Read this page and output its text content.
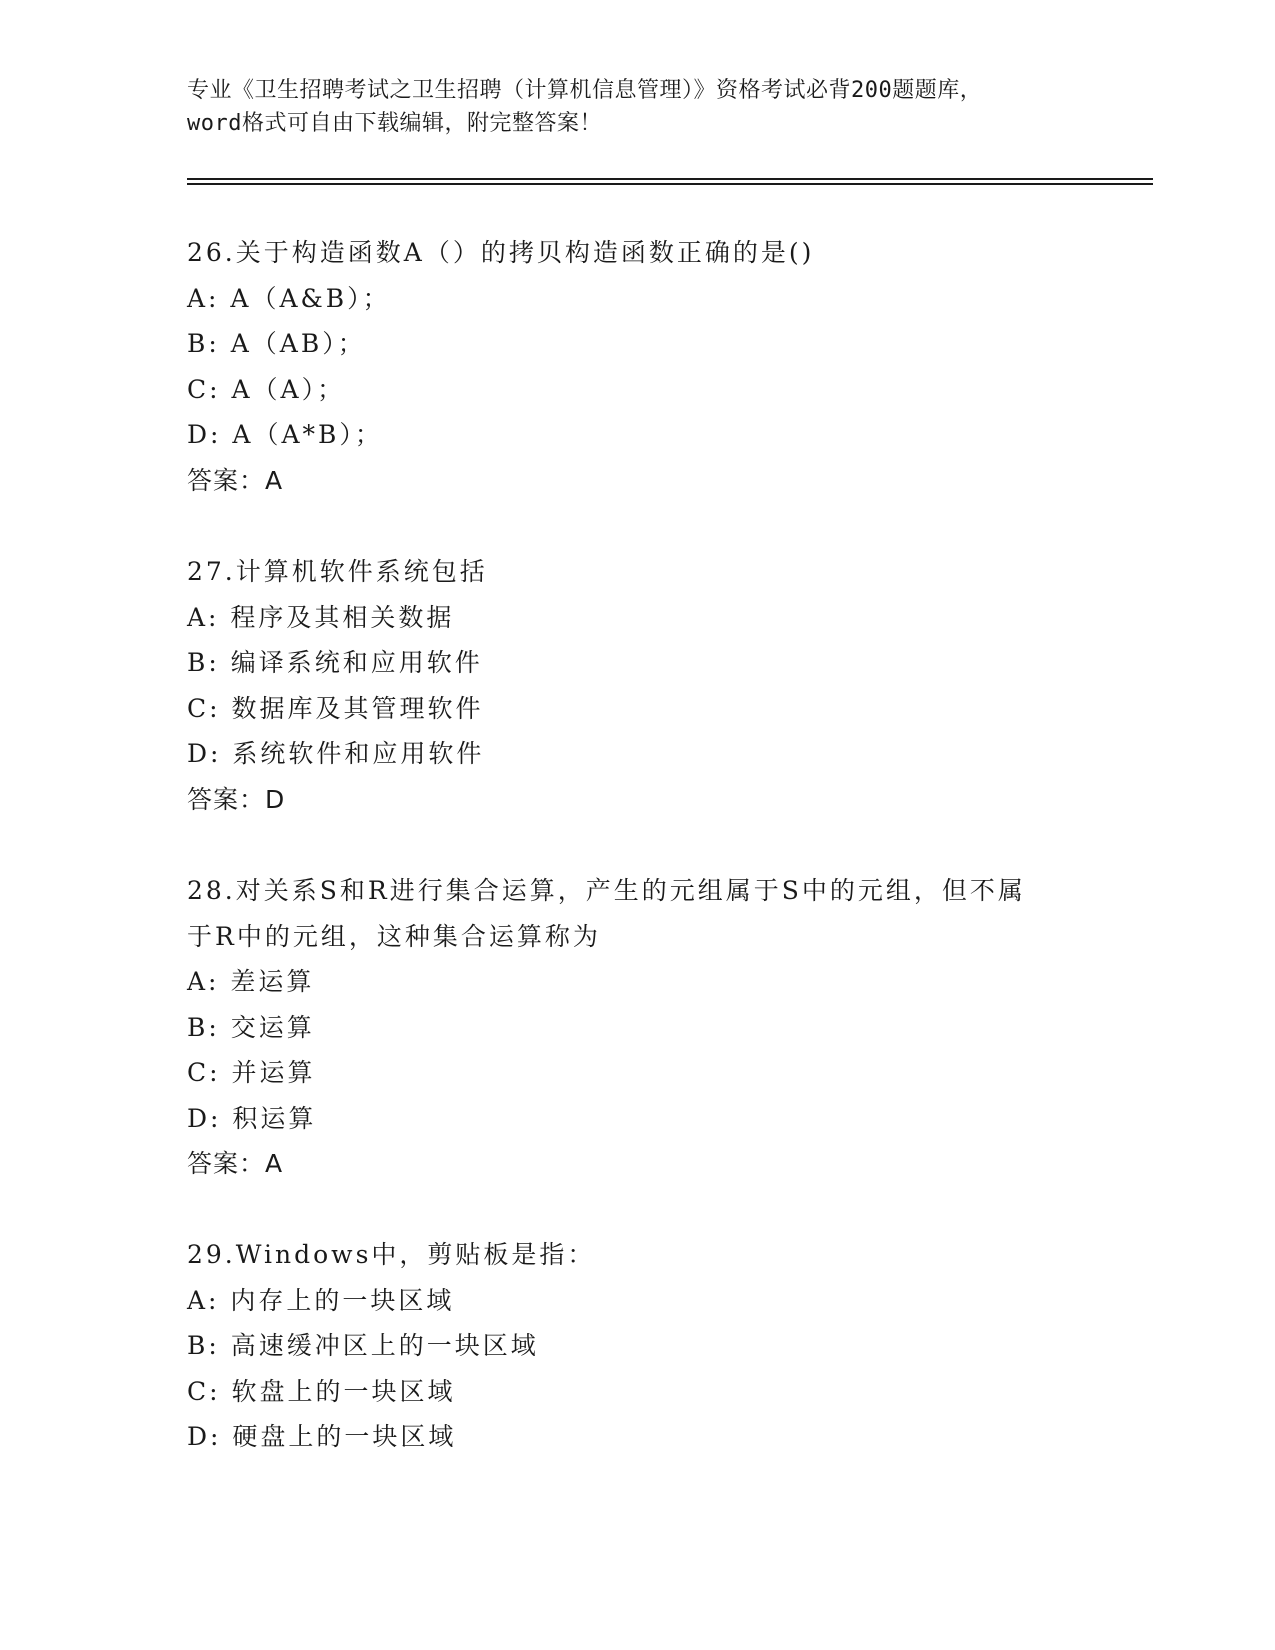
专业《卫生招聘考试之卫生招聘（计算机信息管理）》资格考试必背200题题库，
word格式可自由下载编辑，附完整答案！
26.关于构造函数A（）的拷贝构造函数正确的是()
A: A（A&B）；
B: A（AB）；
C: A（A）；
D: A（A*B）；
答案：A
27.计算机软件系统包括
A: 程序及其相关数据
B: 编译系统和应用软件
C: 数据库及其管理软件
D: 系统软件和应用软件
答案：D
28.对关系S和R进行集合运算，产生的元组属于S中的元组，但不属
于R中的元组，这种集合运算称为
A: 差运算
B: 交运算
C: 并运算
D: 积运算
答案：A
29.Windows中，剪贴板是指：
A: 内存上的一块区域
B: 高速缓冲区上的一块区域
C: 软盘上的一块区域
D: 硬盘上的一块区域
